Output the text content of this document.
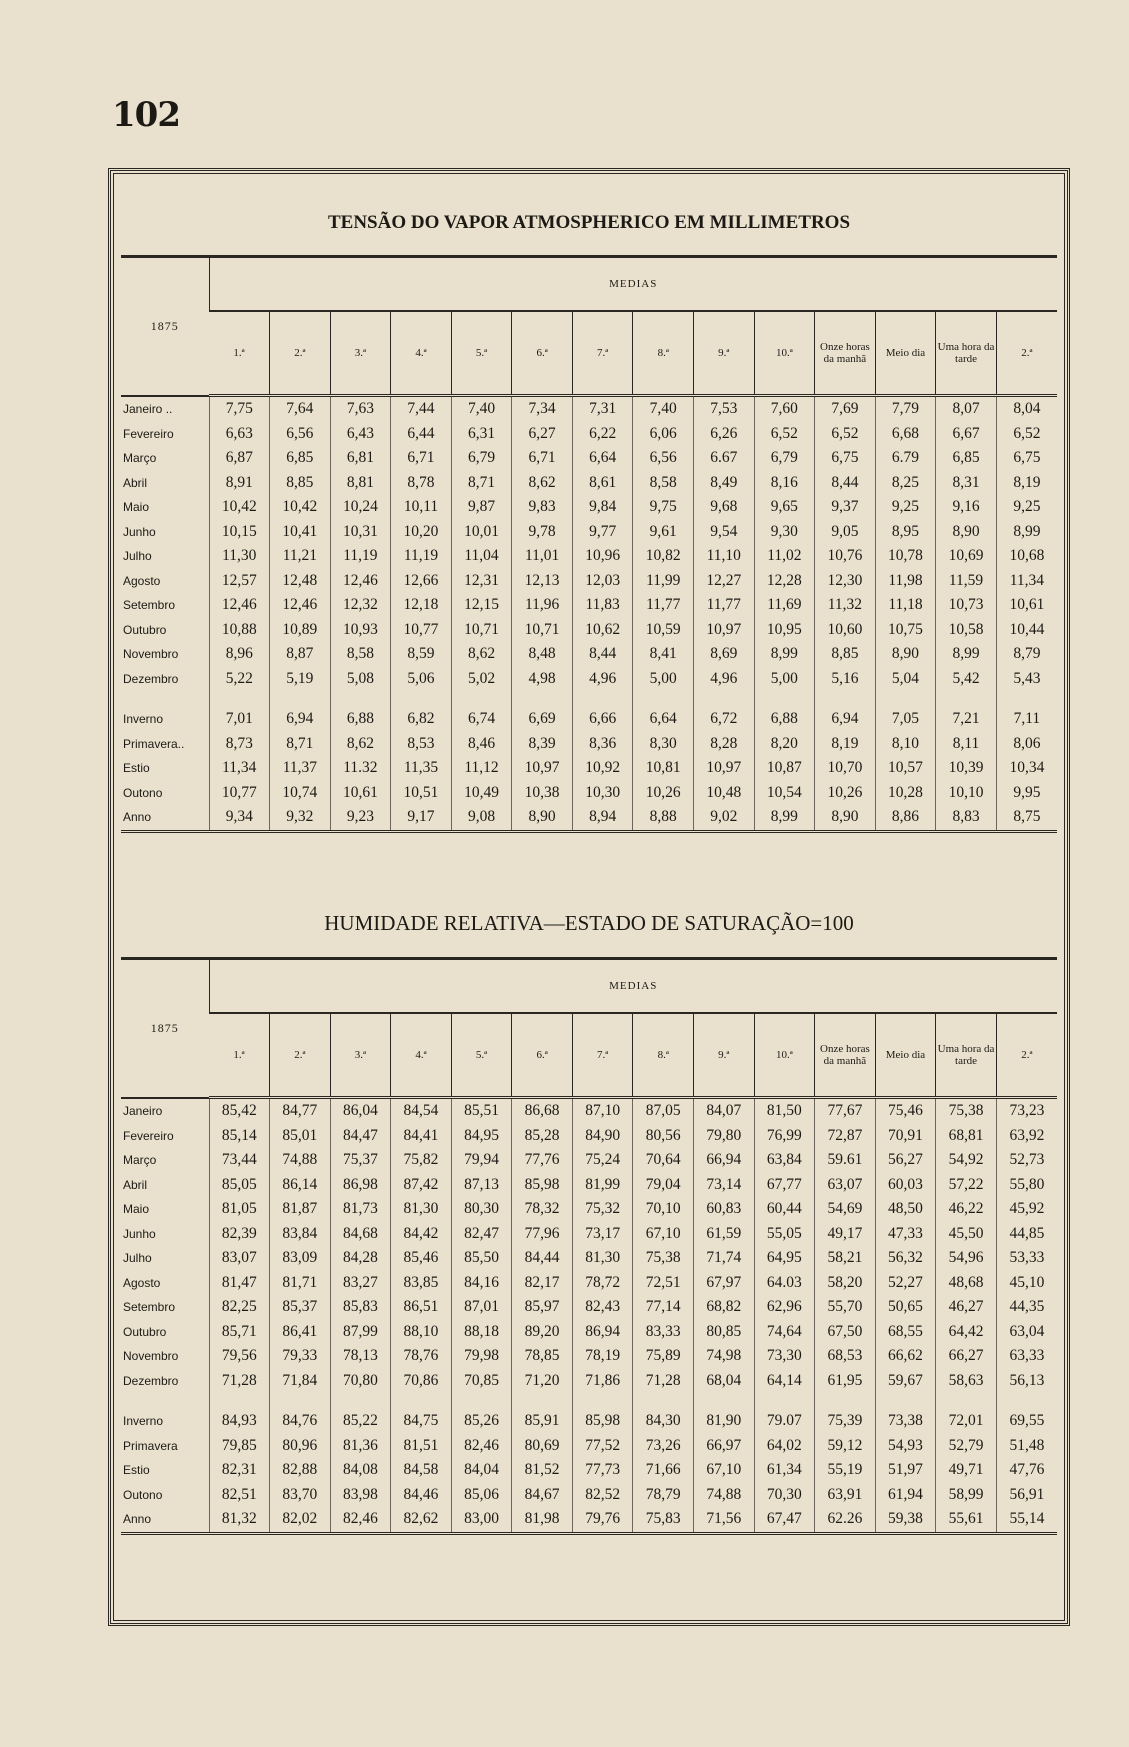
102
TENSÃO DO VAPOR ATMOSPHERICO EM MILLIMETROS
1875	MEDIAS													
	1.ª	2.ª	3.ª	4.ª	5.ª	6.ª	7.ª	8.ª	9.ª	10.ª	Onze horas da manhã	Meio dia	Uma hora da tarde	2.ª
Janeiro ..	7,75	7,64	7,63	7,44	7,40	7,34	7,31	7,40	7,53	7,60	7,69	7,79	8,07	8,04
Fevereiro	6,63	6,56	6,43	6,44	6,31	6,27	6,22	6,06	6,26	6,52	6,52	6,68	6,67	6,52
Março	6,87	6,85	6,81	6,71	6,79	6,71	6,64	6,56	6.67	6,79	6,75	6.79	6,85	6,75
Abril	8,91	8,85	8,81	8,78	8,71	8,62	8,61	8,58	8,49	8,16	8,44	8,25	8,31	8,19
Maio	10,42	10,42	10,24	10,11	9,87	9,83	9,84	9,75	9,68	9,65	9,37	9,25	9,16	9,25
Junho	10,15	10,41	10,31	10,20	10,01	9,78	9,77	9,61	9,54	9,30	9,05	8,95	8,90	8,99
Julho	11,30	11,21	11,19	11,19	11,04	11,01	10,96	10,82	11,10	11,02	10,76	10,78	10,69	10,68
Agosto	12,57	12,48	12,46	12,66	12,31	12,13	12,03	11,99	12,27	12,28	12,30	11,98	11,59	11,34
Setembro	12,46	12,46	12,32	12,18	12,15	11,96	11,83	11,77	11,77	11,69	11,32	11,18	10,73	10,61
Outubro	10,88	10,89	10,93	10,77	10,71	10,71	10,62	10,59	10,97	10,95	10,60	10,75	10,58	10,44
Novembro	8,96	8,87	8,58	8,59	8,62	8,48	8,44	8,41	8,69	8,99	8,85	8,90	8,99	8,79
Dezembro	5,22	5,19	5,08	5,06	5,02	4,98	4,96	5,00	4,96	5,00	5,16	5,04	5,42	5,43

Inverno	7,01	6,94	6,88	6,82	6,74	6,69	6,66	6,64	6,72	6,88	6,94	7,05	7,21	7,11
Primavera..	8,73	8,71	8,62	8,53	8,46	8,39	8,36	8,30	8,28	8,20	8,19	8,10	8,11	8,06
Estio	11,34	11,37	11.32	11,35	11,12	10,97	10,92	10,81	10,97	10,87	10,70	10,57	10,39	10,34
Outono	10,77	10,74	10,61	10,51	10,49	10,38	10,30	10,26	10,48	10,54	10,26	10,28	10,10	9,95
Anno	9,34	9,32	9,23	9,17	9,08	8,90	8,94	8,88	9,02	8,99	8,90	8,86	8,83	8,75
HUMIDADE RELATIVA—ESTADO DE SATURAÇÃO=100
1875	MEDIAS													
	1.ª	2.ª	3.ª	4.ª	5.ª	6.ª	7.ª	8.ª	9.ª	10.ª	Onze horas da manhã	Meio dia	Uma hora da tarde	2.ª
Janeiro	85,42	84,77	86,04	84,54	85,51	86,68	87,10	87,05	84,07	81,50	77,67	75,46	75,38	73,23
Fevereiro	85,14	85,01	84,47	84,41	84,95	85,28	84,90	80,56	79,80	76,99	72,87	70,91	68,81	63,92
Março	73,44	74,88	75,37	75,82	79,94	77,76	75,24	70,64	66,94	63,84	59.61	56,27	54,92	52,73
Abril	85,05	86,14	86,98	87,42	87,13	85,98	81,99	79,04	73,14	67,77	63,07	60,03	57,22	55,80
Maio	81,05	81,87	81,73	81,30	80,30	78,32	75,32	70,10	60,83	60,44	54,69	48,50	46,22	45,92
Junho	82,39	83,84	84,68	84,42	82,47	77,96	73,17	67,10	61,59	55,05	49,17	47,33	45,50	44,85
Julho	83,07	83,09	84,28	85,46	85,50	84,44	81,30	75,38	71,74	64,95	58,21	56,32	54,96	53,33
Agosto	81,47	81,71	83,27	83,85	84,16	82,17	78,72	72,51	67,97	64.03	58,20	52,27	48,68	45,10
Setembro	82,25	85,37	85,83	86,51	87,01	85,97	82,43	77,14	68,82	62,96	55,70	50,65	46,27	44,35
Outubro	85,71	86,41	87,99	88,10	88,18	89,20	86,94	83,33	80,85	74,64	67,50	68,55	64,42	63,04
Novembro	79,56	79,33	78,13	78,76	79,98	78,85	78,19	75,89	74,98	73,30	68,53	66,62	66,27	63,33
Dezembro	71,28	71,84	70,80	70,86	70,85	71,20	71,86	71,28	68,04	64,14	61,95	59,67	58,63	56,13

Inverno	84,93	84,76	85,22	84,75	85,26	85,91	85,98	84,30	81,90	79.07	75,39	73,38	72,01	69,55
Primavera	79,85	80,96	81,36	81,51	82,46	80,69	77,52	73,26	66,97	64,02	59,12	54,93	52,79	51,48
Estio	82,31	82,88	84,08	84,58	84,04	81,52	77,73	71,66	67,10	61,34	55,19	51,97	49,71	47,76
Outono	82,51	83,70	83,98	84,46	85,06	84,67	82,52	78,79	74,88	70,30	63,91	61,94	58,99	56,91
Anno	81,32	82,02	82,46	82,62	83,00	81,98	79,76	75,83	71,56	67,47	62.26	59,38	55,61	55,14
